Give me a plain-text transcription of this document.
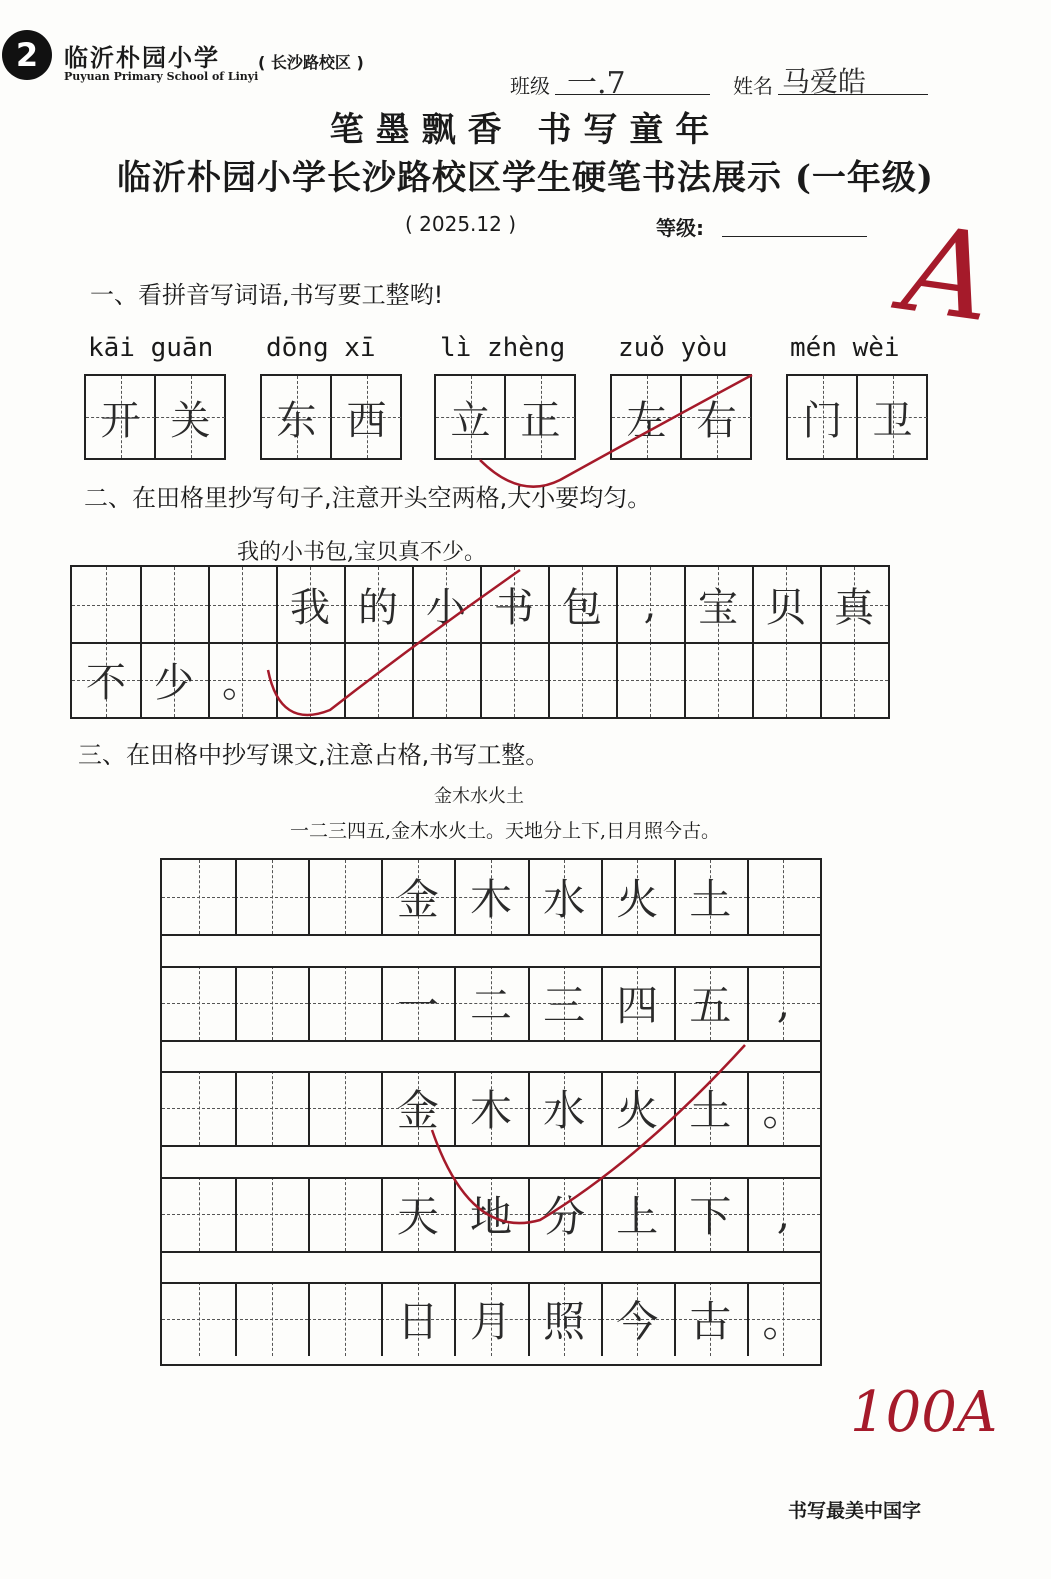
2	临沂朴园小学 ( 长沙路校区 )
Puyuan Primary School of Linyi	班级 一.7	姓名 马爱皓
笔墨飘香 书写童年
临沂朴园小学长沙路校区学生硬笔书法展示 (一年级)
( 2025.12 )	等级: A
一、看拼音写词语,书写要工整哟!
kāi guān dōng xī lì zhèng zuǒ yòu mén wèi
开 关	东 西	立 正	左 右	门 卫
二、在田格里抄写句子,注意开头空两格,大小要均匀。
我的小书包,宝贝真不少。
我 的 小 书 包	,	宝 贝 真
不 少 。
三、在田格中抄写课文,注意占格,书写工整。
金木水火土
一二三四五,金木水火土。天地分上下,日月照今古。
金 木 水 火 土
一 二 三 四 五	,
金 木 水 火 土 。
天 地 分 上 下	,
日 月 照 今 古 。
100A
书写最美中国字
